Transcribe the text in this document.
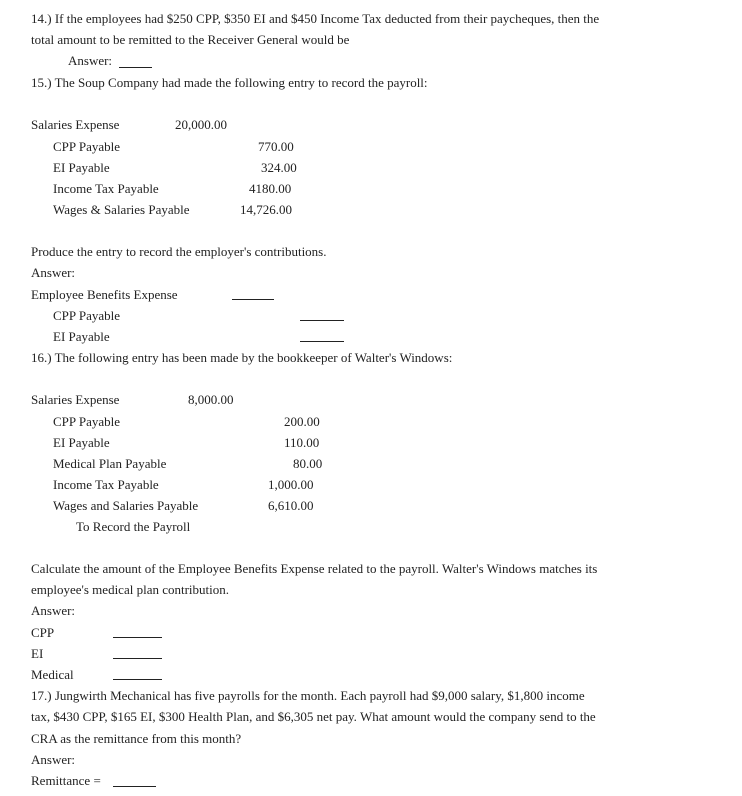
14.) If the employees had $250 CPP, $350 EI and $450 Income Tax deducted from their paycheques, then the
total amount to be remitted to the Receiver General would be
Answer:
15.) The Soup Company had made the following entry to record the payroll:
Salaries Expense	20,000.00
CPP Payable	770.00
EI Payable	324.00
Income Tax Payable	4180.00
Wages & Salaries Payable	14,726.00
Produce the entry to record the employer's contributions.
Answer:
Employee Benefits Expense
CPP Payable
EI Payable
16.) The following entry has been made by the bookkeeper of Walter's Windows:
Salaries Expense	8,000.00
CPP Payable	200.00
EI Payable	110.00
Medical Plan Payable	80.00
Income Tax Payable	1,000.00
Wages and Salaries Payable	6,610.00
To Record the Payroll
Calculate the amount of the Employee Benefits Expense related to the payroll. Walter's Windows matches its
employee's medical plan contribution.
Answer:
CPP
EI
Medical
17.) Jungwirth Mechanical has five payrolls for the month. Each payroll had $9,000 salary, $1,800 income
tax, $430 CPP, $165 EI, $300 Health Plan, and $6,305 net pay. What amount would the company send to the
CRA as the remittance from this month?
Answer:
Remittance =
